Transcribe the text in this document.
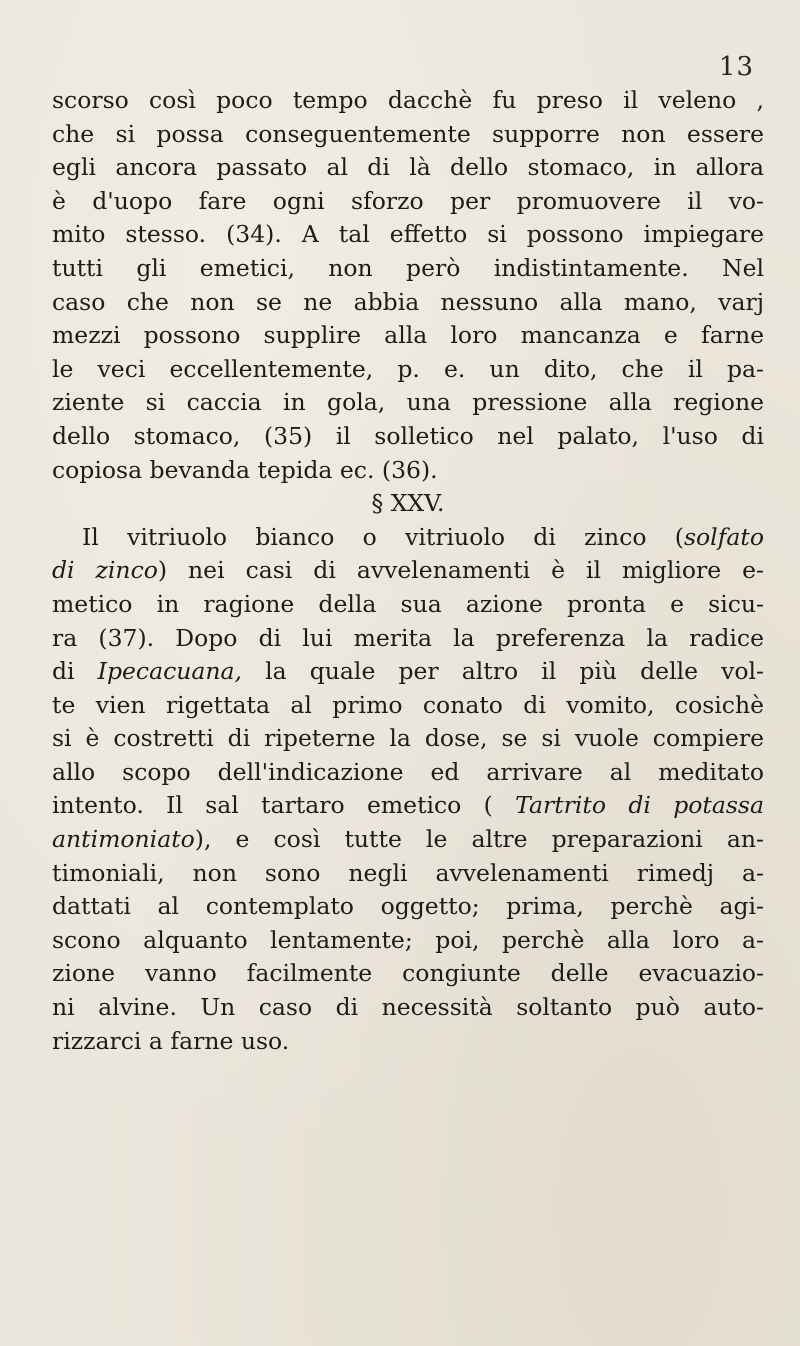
13
scorso così poco tempo dacchè fu preso il veleno ,
che si possa conseguentemente supporre non essere
egli ancora passato al di là dello stomaco, in allora
è d'uopo fare ogni sforzo per promuovere il vo-
mito stesso. (34). A tal effetto si possono impiegare
tutti gli emetici, non però indistintamente. Nel
caso che non se ne abbia nessuno alla mano, varj
mezzi possono supplire alla loro mancanza e farne
le veci eccellentemente, p. e. un dito, che il pa-
ziente si caccia in gola, una pressione alla regione
dello stomaco, (35) il solletico nel palato, l'uso di
copiosa bevanda tepida ec. (36).
§ XXV.
Il vitriuolo bianco o vitriuolo di zinco (solfato
di zinco) nei casi di avvelenamenti è il migliore e-
metico in ragione della sua azione pronta e sicu-
ra (37). Dopo di lui merita la preferenza la radice
di Ipecacuana, la quale per altro il più delle vol-
te vien rigettata al primo conato di vomito, cosichè
si è costretti di ripeterne la dose, se si vuole compiere
allo scopo dell'indicazione ed arrivare al meditato
intento. Il sal tartaro emetico ( Tartrito di potassa
antimoniato), e così tutte le altre preparazioni an-
timoniali, non sono negli avvelenamenti rimedj a-
dattati al contemplato oggetto; prima, perchè agi-
scono alquanto lentamente; poi, perchè alla loro a-
zione vanno facilmente congiunte delle evacuazio-
ni alvine. Un caso di necessità soltanto può auto-
rizzarci a farne uso.
